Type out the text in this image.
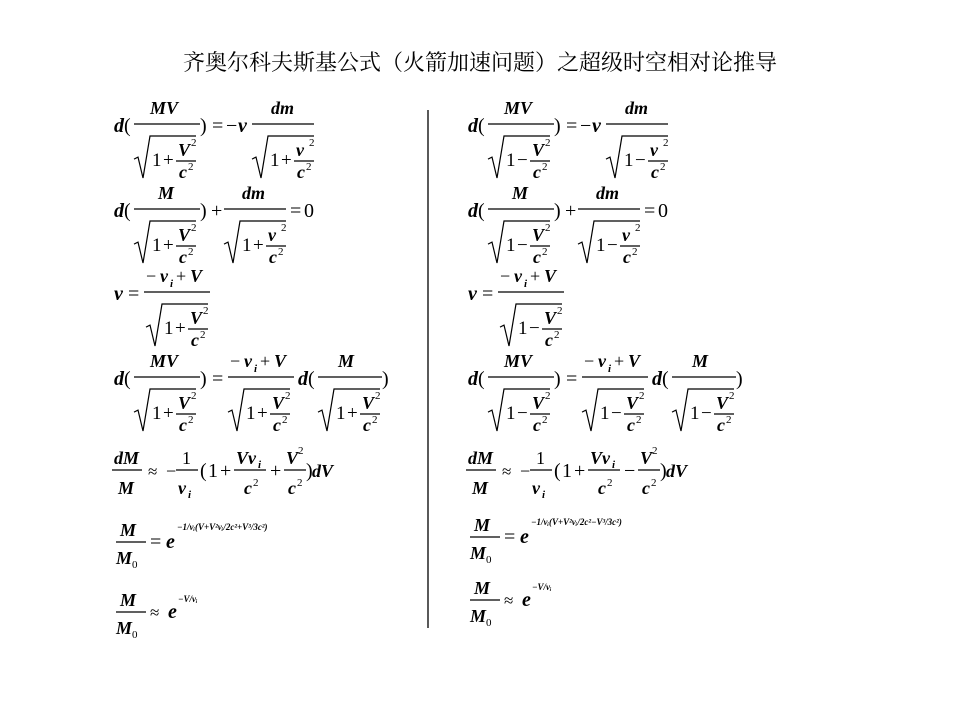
齐奥尔科夫斯基公式（火箭加速问题）之超级时空相对论推导
d (
MV
1 + V 2
c 2
) = − v
dm
1 + v 2
c 2
d (
M
1 + V 2
c 2
) +
dm
1 + v 2
c 2
= 0
v =
− v i + V
1 + V 2
c 2
d (
MV
1 + V 2
c 2
) =
− v i + V
1 + V 2
c 2
d (
M
1 + V 2
c 2
)
dM
M
≈ −
1
v i
( 1 +
Vv i
c 2
+
V 2
c 2
) dV
M
M 0
= e
−1/vᵢ(V+V²vᵢ/2c²+V³/3c²)
M
M 0
≈ e
−V/vᵢ
d (
MV
1 − V 2
c 2
) = − v
dm
1 − v 2
c 2
d (
M
1 − V 2
c 2
) +
dm
1 − v 2
c 2
= 0
v =
− v i + V
1 − V 2
c 2
d (
MV
1 − V 2
c 2
) =
− v i + V
1 − V 2
c 2
d (
M
1 − V 2
c 2
)
dM
M
≈ −
1
v i
( 1 +
Vv i
c 2
−
V 2
c 2
) dV
M
M 0
= e
−1/vᵢ(V+V²vᵢ/2c²−V³/3c²)
M
M 0
≈ e
−V/vᵢ
